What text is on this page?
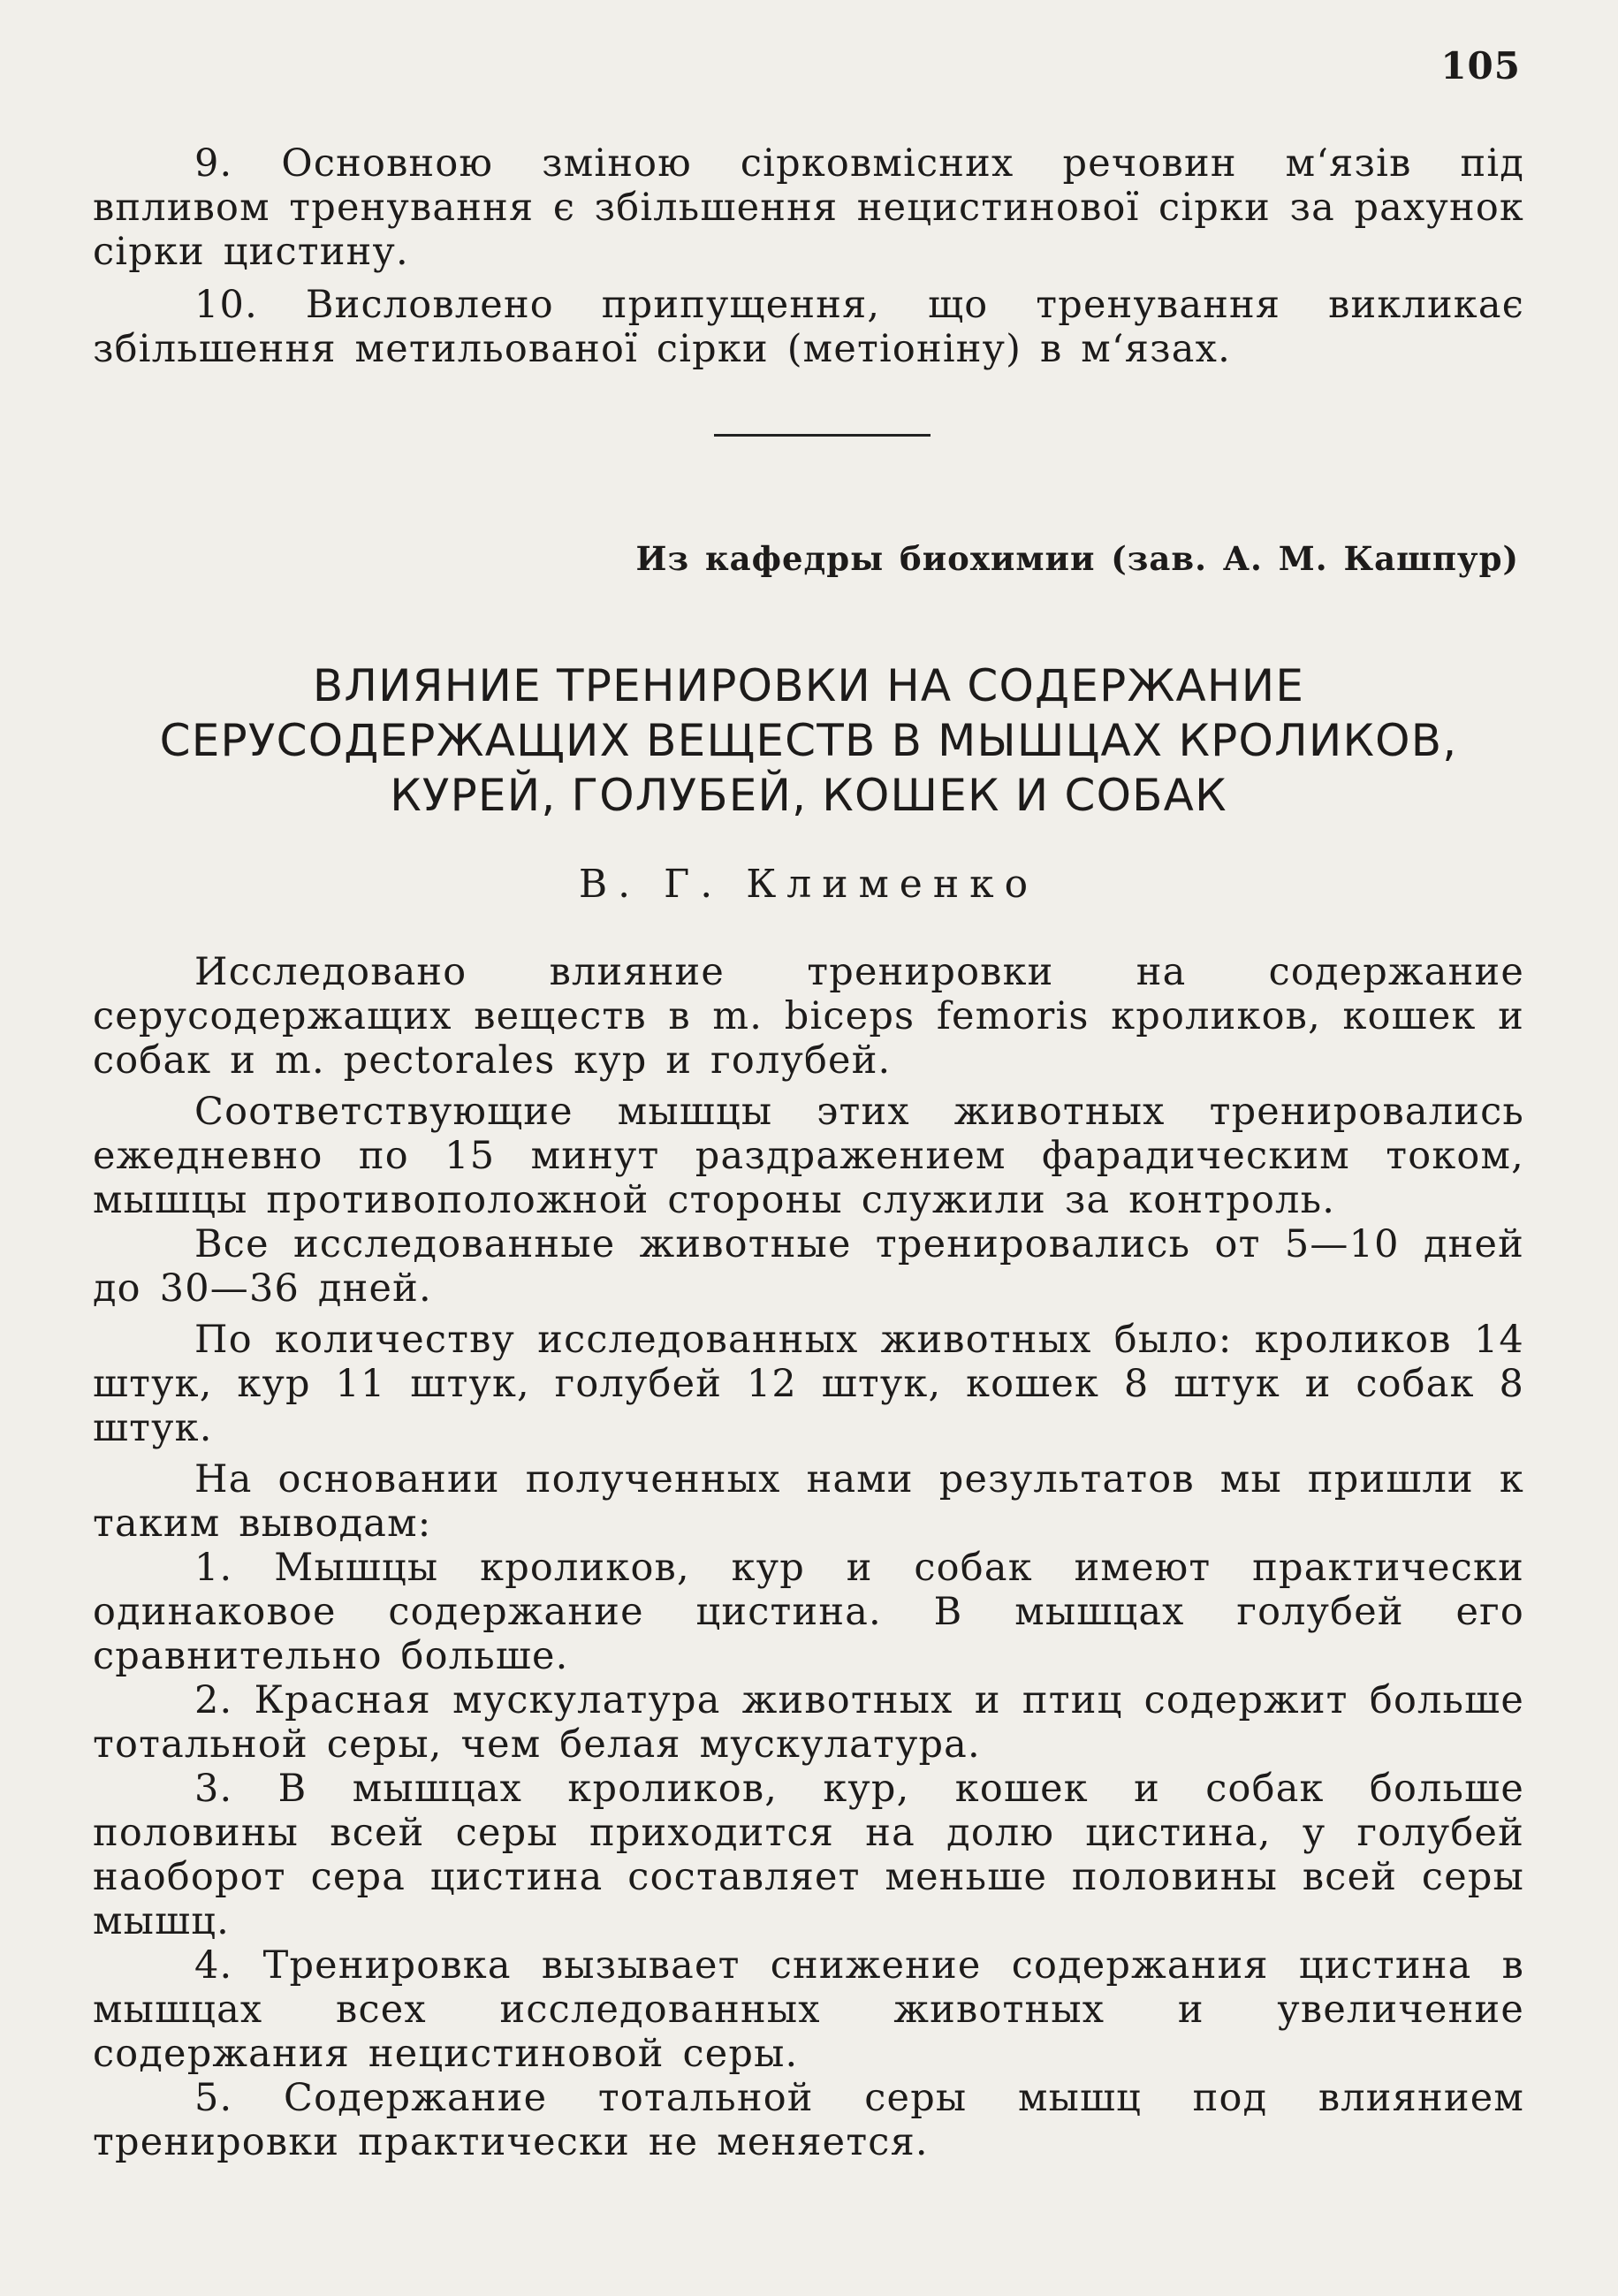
105

9. Основною зміною сірковмісних речовин м‘язів під впливом тренування є збільшення нецистинової сірки за рахунок сірки цистину.

10. Висловлено припущення, що тренування викликає збільшення метильованої сірки (метіоніну) в м‘язах.

Из кафедры биохимии (зав. А. М. Кашпур)
ВЛИЯНИЕ ТРЕНИРОВКИ НА СОДЕРЖАНИЕ
СЕРУСОДЕРЖАЩИХ ВЕЩЕСТВ В МЫШЦАХ КРОЛИКОВ,
КУРЕЙ, ГОЛУБЕЙ, КОШЕК И СОБАК
В. Г. Клименко

Исследовано влияние тренировки на содержание серусодержащих веществ в m. biceps femoris кроликов, кошек и собак и m. pectorales кур и голубей.

Соответствующие мышцы этих животных тренировались ежедневно по 15 минут раздражением фарадическим током, мышцы противоположной стороны служили за контроль.

Все исследованные животные тренировались от 5—10 дней до 30—36 дней.

По количеству исследованных животных было: кроликов 14 штук, кур 11 штук, голубей 12 штук, кошек 8 штук и собак 8 штук.

На основании полученных нами результатов мы пришли к таким выводам:

1. Мышцы кроликов, кур и собак имеют практически одинаковое содержание цистина. В мышцах голубей его сравнительно больше.

2. Красная мускулатура животных и птиц содержит больше тотальной серы, чем белая мускулатура.

3. В мышцах кроликов, кур, кошек и собак больше половины всей серы приходится на долю цистина, у голубей наоборот сера цистина составляет меньше половины всей серы мышц.

4. Тренировка вызывает снижение содержания цистина в мышцах всех исследованных животных и увеличение содержания нецистиновой серы.

5. Содержание тотальной серы мышц под влиянием тренировки практически не меняется.
